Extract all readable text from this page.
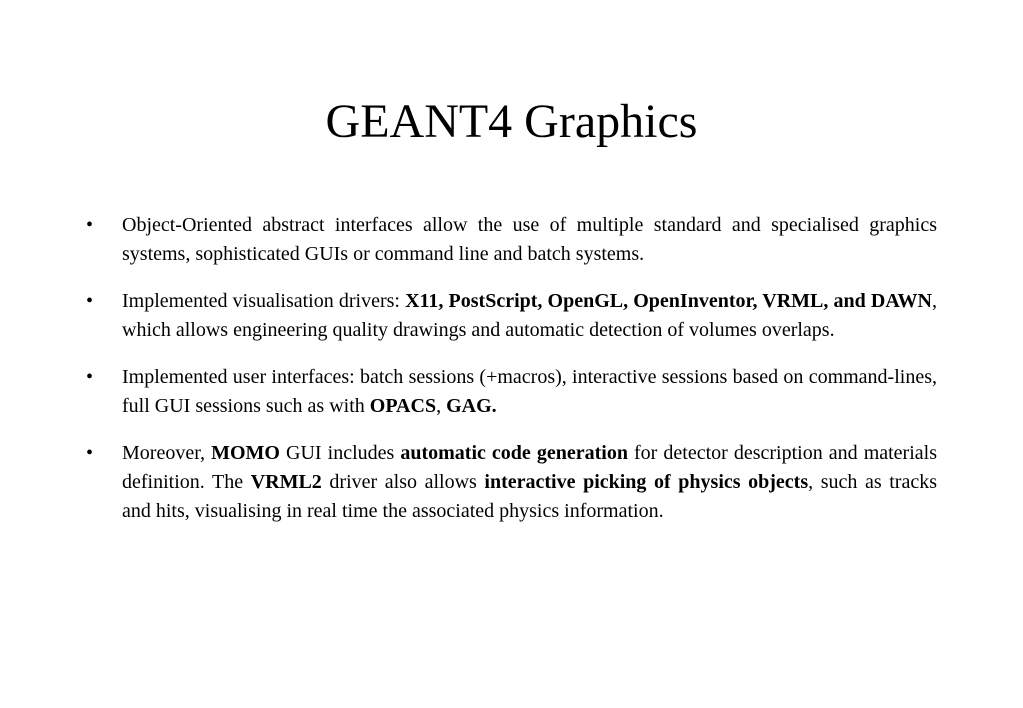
GEANT4 Graphics
• Object-Oriented abstract interfaces allow the use of multiple standard and specialised graphics systems, sophisticated GUIs or command line and batch systems.
• Implemented visualisation drivers: X11, PostScript, OpenGL, OpenInventor, VRML, and DAWN, which allows engineering quality drawings and automatic detection of volumes overlaps.
• Implemented user interfaces: batch sessions (+macros), interactive sessions based on command-lines, full GUI sessions such as with OPACS, GAG.
• Moreover, MOMO GUI includes automatic code generation for detector description and materials definition. The VRML2 driver also allows interactive picking of physics objects, such as tracks and hits, visualising in real time the associated physics information.
